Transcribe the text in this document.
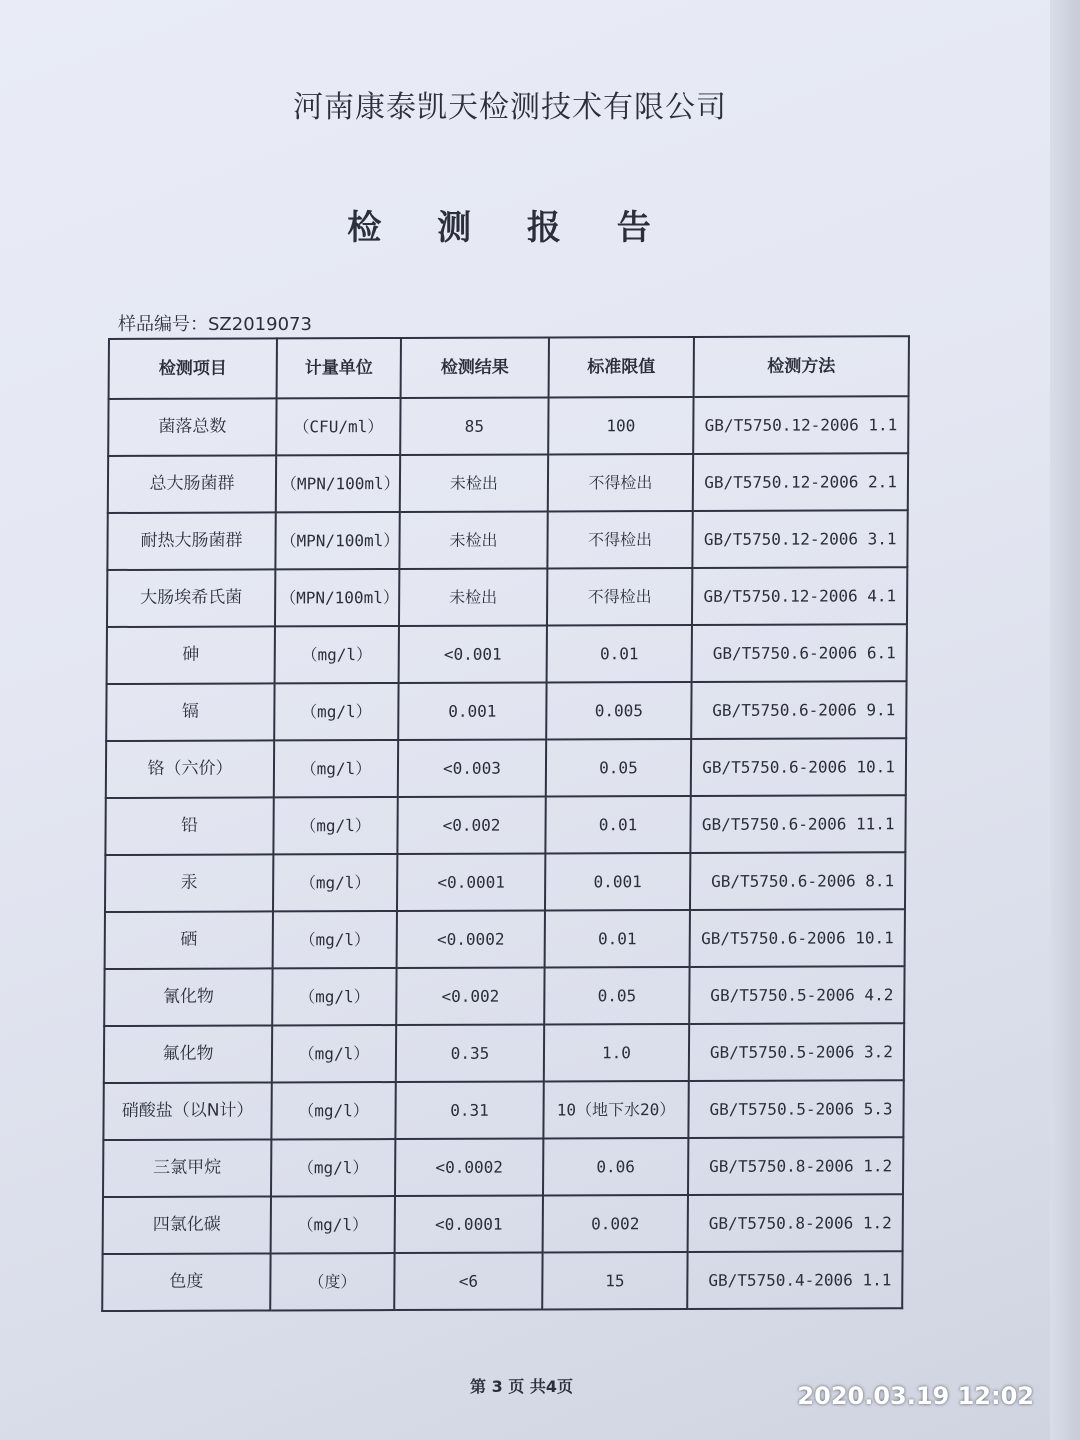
河南康泰凯天检测技术有限公司
检 测 报 告
样品编号：SZ2019073
检测项目	计量单位	检测结果	标准限值	检测方法
菌落总数	（CFU/ml）	85	100	GB/T5750.12-2006 1.1
总大肠菌群	（MPN/100ml）	未检出	不得检出	GB/T5750.12-2006 2.1
耐热大肠菌群	（MPN/100ml）	未检出	不得检出	GB/T5750.12-2006 3.1
大肠埃希氏菌	（MPN/100ml）	未检出	不得检出	GB/T5750.12-2006 4.1
砷	（mg/l）	<0.001	0.01	GB/T5750.6-2006 6.1
镉	（mg/l）	0.001	0.005	GB/T5750.6-2006 9.1
铬（六价）	（mg/l）	<0.003	0.05	GB/T5750.6-2006 10.1
铅	（mg/l）	<0.002	0.01	GB/T5750.6-2006 11.1
汞	（mg/l）	<0.0001	0.001	GB/T5750.6-2006 8.1
硒	（mg/l）	<0.0002	0.01	GB/T5750.6-2006 10.1
氰化物	（mg/l）	<0.002	0.05	GB/T5750.5-2006 4.2
氟化物	（mg/l）	0.35	1.0	GB/T5750.5-2006 3.2
硝酸盐（以N计）	（mg/l）	0.31	10（地下水20）	GB/T5750.5-2006 5.3
三氯甲烷	（mg/l）	<0.0002	0.06	GB/T5750.8-2006 1.2
四氯化碳	（mg/l）	<0.0001	0.002	GB/T5750.8-2006 1.2
色度	（度）	<6	15	GB/T5750.4-2006 1.1
第 3 页 共4页	2020.03.19 12:02
